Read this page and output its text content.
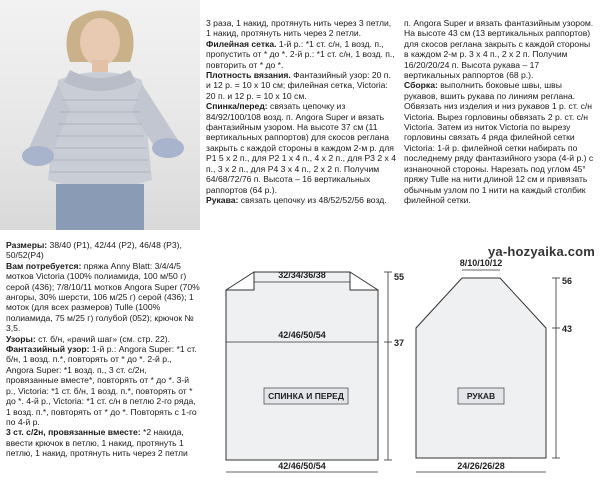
3 раза, 1 накид, протянуть нить через 3 петли, 1 накид, протянуть нить через 2 петли.

Филейная сетка. 1-й р.: *1 ст. с/н, 1 возд. п., пропустить от * до *. 2-й р.: *1 ст. с/н, 1 возд. п., повторить от * до *.

Плотность вязания. Фантазийный узор: 20 п. и 12 р. = 10 x 10 см; филейная сетка, Victoria: 20 п. и 12 р. = 10 x 10 см.

Спинка/перед: связать цепочку из 84/92/100/108 возд. п. Angora Super и вязать фантазийным узором. На высоте 37 см (11 вертикальных раппортов) для скосов реглана закрыть с каждой стороны в каждом 2-м р. для P1 5 x 2 п., для P2 1 x 4 п., 4 x 2 п., для P3 2 x 4 п., 3 x 2 п., для P4 3 x 4 п., 2 x 2 п. Получим 64/68/72/76 п. Высота – 16 вертикальных раппортов (64 р.).

Рукава: связать цепочку из 48/52/52/56 возд.

п. Angora Super и вязать фантазийным узором. На высоте 43 см (13 вертикальных раппортов) для скосов реглана закрыть с каждой стороны в каждом 2-м р. 3 x 4 п., 2 x 2 п. Получим 16/20/20/24 п. Высота рукава – 17 вертикальных раппортов (68 р.).

Сборка: выполнить боковые швы, швы рукавов, вшить рукава по линиям реглана. Обвязать низ изделия и низ рукавов 1 р. ст. с/н Victoria. Вырез горловины обвязать 2 р. ст. с/н Victoria. Затем из ниток Victoria по вырезу горловины связать 4 ряда филейной сетки Victoria: 1-й р. филейной сетки набирать по последнему ряду фантазийного узора (4-й р.) с изнаночной стороны. Нарезать под углом 45° пряжу Tulle на нити длиной 12 см и привязать обычным узлом по 1 нити на каждый столбик филейной сетки.

Размеры: 38/40 (P1), 42/44 (P2), 46/48 (P3), 50/52(P4)

Вам потребуется: пряжа Anny Blatt: 3/4/4/5 мотков Victoria (100% полиамида, 100 м/50 г) серой (436); 7/8/10/11 мотков Angora Super (70% ангоры, 30% шерсти, 106 м/25 г) серой (436); 1 моток (для всех размеров) Tulle (100% полиамида, 75 м/25 г) голубой (052); крючок № 3,5.

Узоры: ст. б/н, «рачий шаг» (см. стр. 22).

Фантазийный узор: 1-й р.: Angora Super: *1 ст. б/н, 1 возд. п.*, повторять от * до *. 2-й р., Angora Super: *1 возд. п., 3 ст. с/2н, провязанные вместе*, повторять от * до *. 3-й р., Victoria: *1 ст. б/н, 1 возд. п.*, повторять от * до *. 4-й р., Victoria: *1 ст. с/н в петлю 2-го ряда, 1 возд. п.*, повторять от * до *. Повторять с 1-го по 4-й р.

3 ст. с/2н, провязанные вместе: *2 накида, ввести крючок в петлю, 1 накид, протянуть 1 петлю, 1 накид, протянуть нить через 2 петли

ya-hozyaika.com
32/34/36/38
42/46/50/54
СПИНКА И ПЕРЕД
42/46/50/54
55
37
8/10/10/12
РУКАВ
24/26/26/28
56
43
